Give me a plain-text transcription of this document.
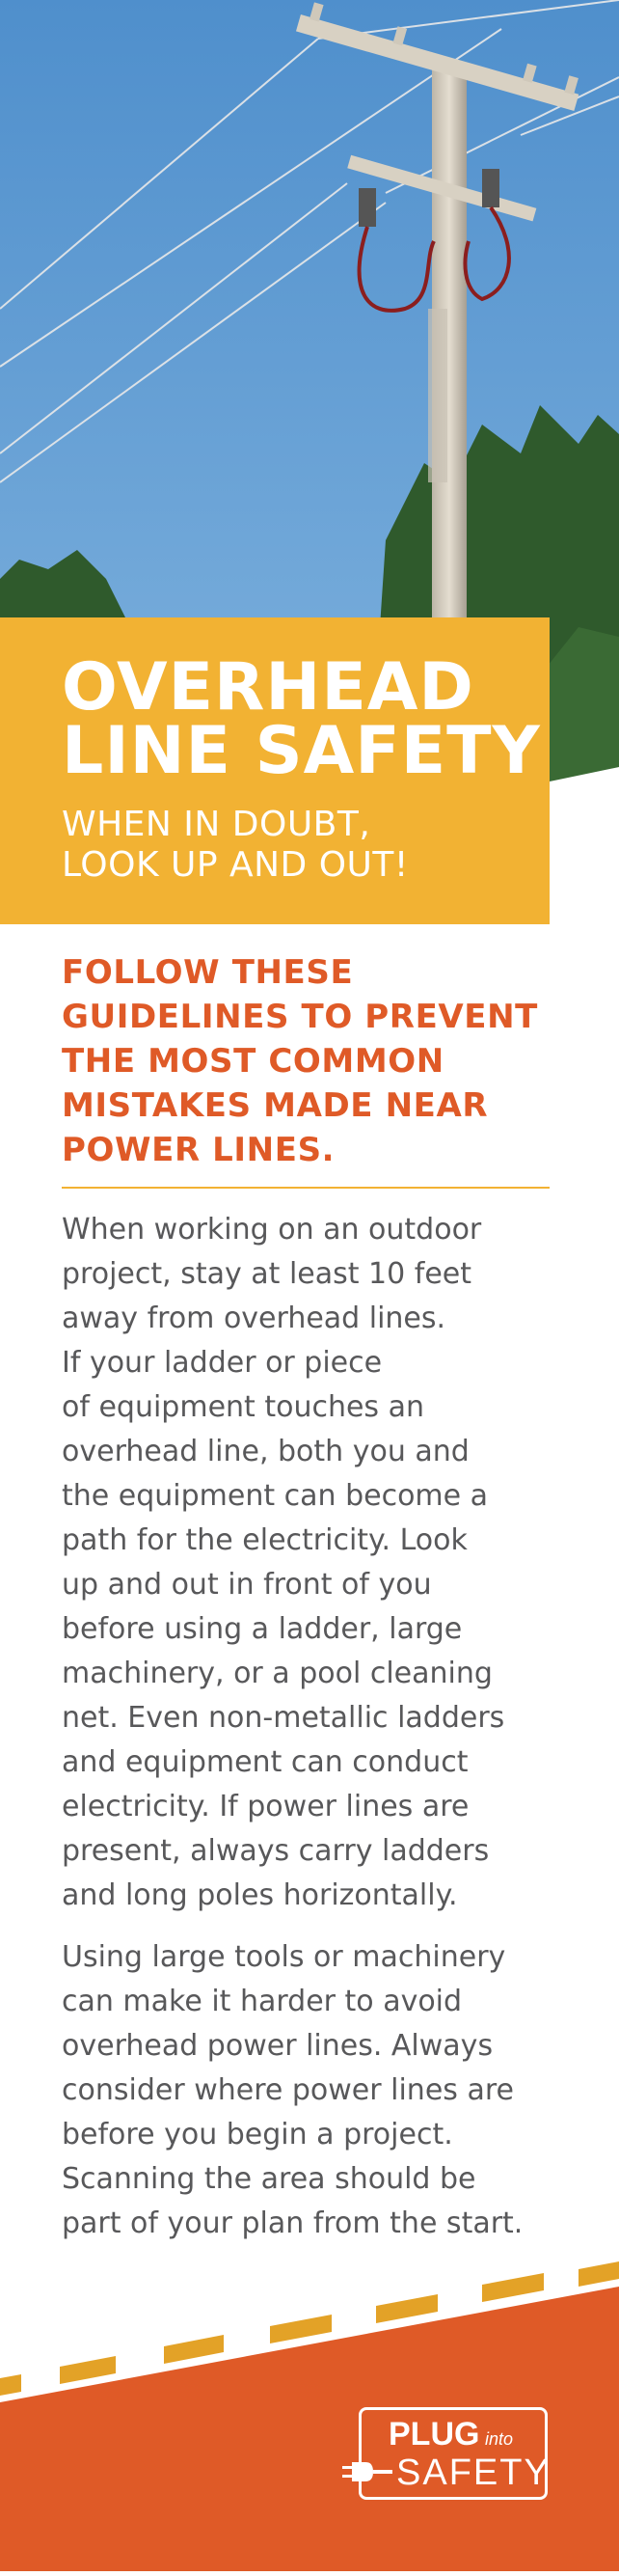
OVERHEAD
LINE SAFETY
WHEN IN DOUBT,
LOOK UP AND OUT!
FOLLOW THESE
GUIDELINES TO PREVENT
THE MOST COMMON
MISTAKES MADE NEAR
POWER LINES.

When working on an outdoor
project, stay at least 10 feet
away from overhead lines.
If your ladder or piece
of equipment touches an
overhead line, both you and
the equipment can become a
path for the electricity. Look
up and out in front of you
before using a ladder, large
machinery, or a pool cleaning
net. Even non-metallic ladders
and equipment can conduct
electricity. If power lines are
present, always carry ladders
and long poles horizontally.

Using large tools or machinery
can make it harder to avoid
overhead power lines. Always
consider where power lines are
before you begin a project.
Scanning the area should be
part of your plan from the start.

PLUG into
SAFETY
